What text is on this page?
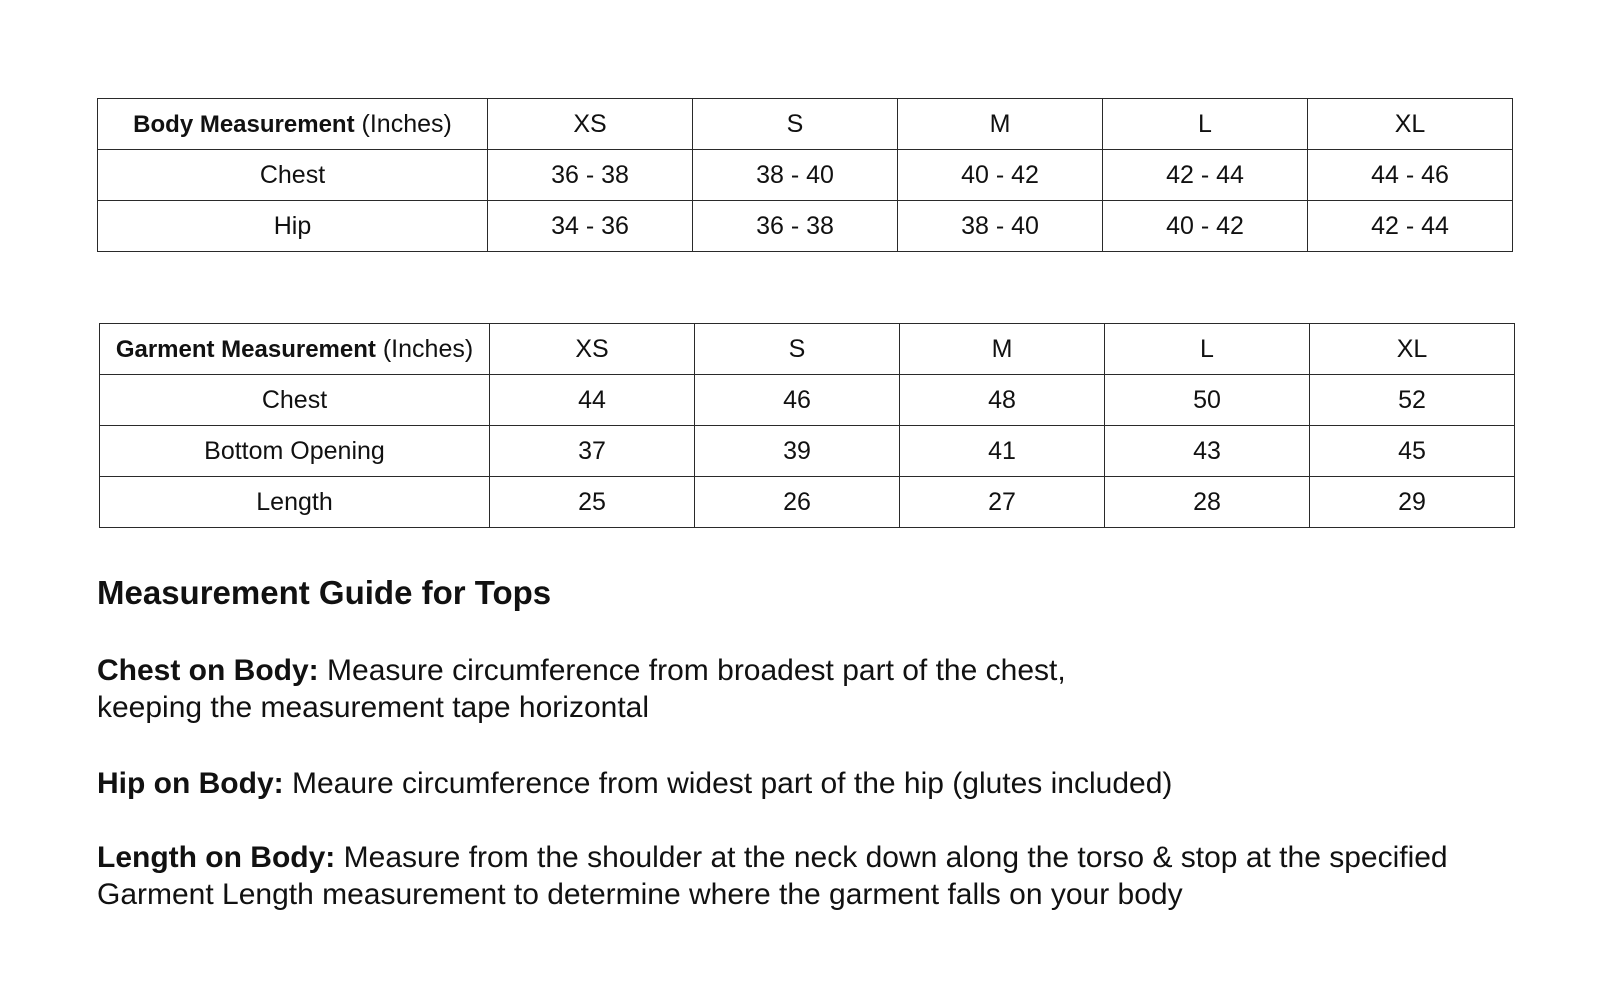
Body Measurement (Inches)	XS	S	M	L	XL
Chest	36 - 38	38 - 40	40 - 42	42 - 44	44 - 46
Hip	34 - 36	36 - 38	38 - 40	40 - 42	42 - 44
Garment Measurement (Inches)	XS	S	M	L	XL
Chest	44	46	48	50	52
Bottom Opening	37	39	41	43	45
Length	25	26	27	28	29
Measurement Guide for Tops

Chest on Body: Measure circumference from broadest part of the chest,
keeping the measurement tape horizontal

Hip on Body: Meaure circumference from widest part of the hip (glutes included)

Length on Body: Measure from the shoulder at the neck down along the torso & stop at the specified
Garment Length measurement to determine where the garment falls on your body
